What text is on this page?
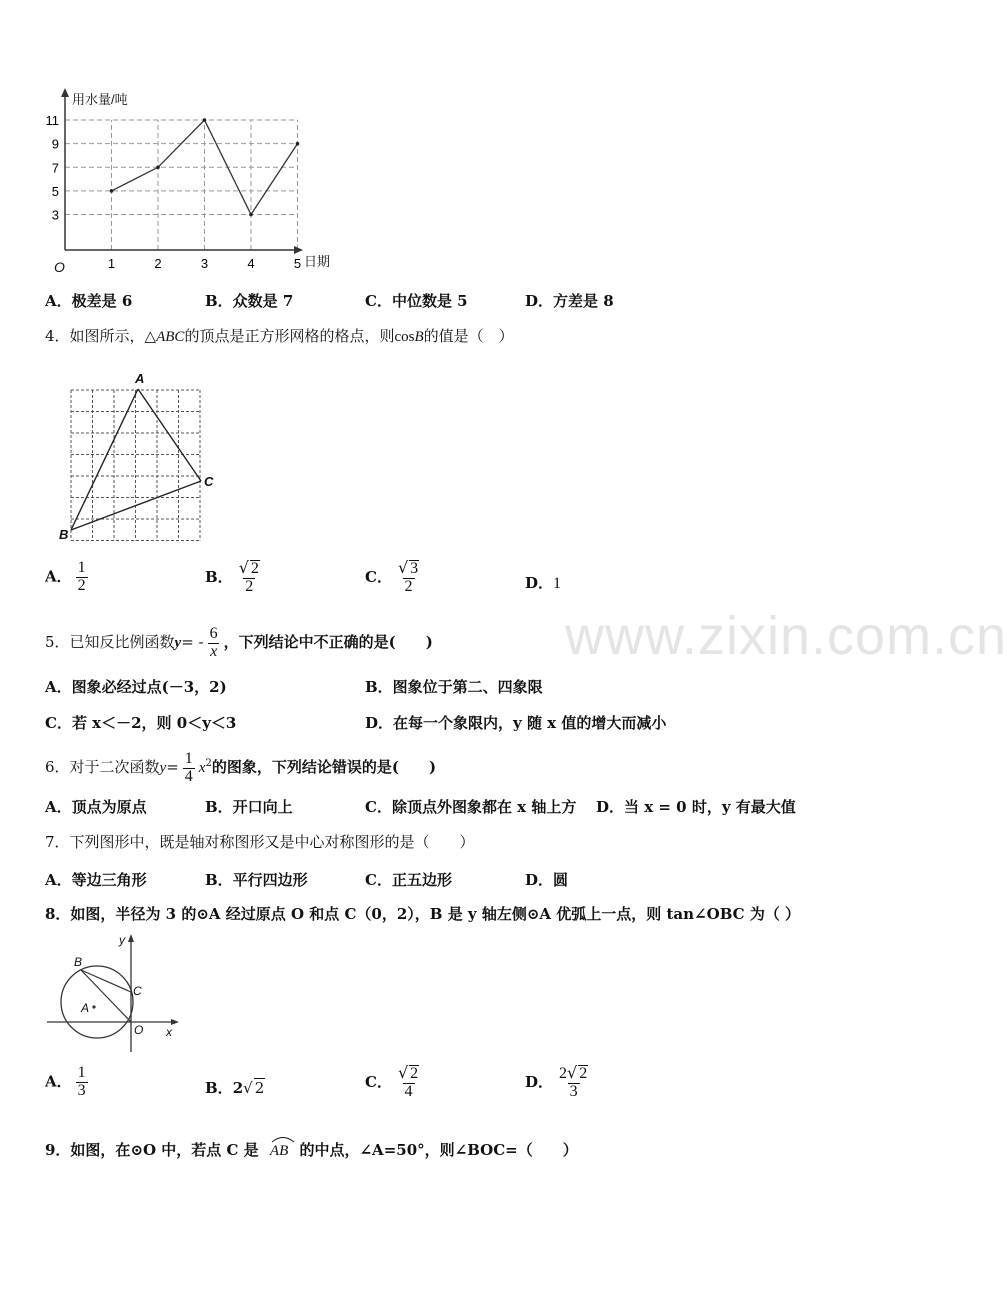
www.zixin.com.cn
3
5
7
9
11
1	2	3	4	5
用水量/吨
日期
O
A．极差是 6	B．众数是 7	C．中位数是 5	D．方差是 8
4．如图所示，△ABC的顶点是正方形网格的格点，则cosB的值是（　）
A
B
C
A． $\frac{1}{2}$	B． $\frac{√ 2}{2}$	C． $\frac{√ 3}{2}$	D．1
5．已知反比例函数$y= - \frac{6}{x}$ ，下列结论中不正确的是(　　)
A．图象必经过点(－3，2)	B．图象位于第二、四象限
C．若 x＜－2，则 0＜y＜3	D．在每一个象限内，y 随 x 值的增大而减小
6．对于二次函数$y= \frac{1}{4} x^2$的图象，下列结论错误的是(　　)
A．顶点为原点	B．开口向上	C．除顶点外图象都在 x 轴上方 D．当 x = 0 时，y 有最大值
7．下列图形中，既是轴对称图形又是中心对称图形的是（　　）
A．等边三角形	B．平行四边形	C．正五边形	D．圆
8．如图，半径为 3 的⊙A 经过原点 O 和点 C（0，2），B 是 y 轴左侧⊙A 优弧上一点，则 tan∠OBC 为（ ）
y
x
B
C
A
O
A． $\frac{1}{3}$	B．2√ 2	C． $\frac{√ 2}{4}$	D． $\frac{2√ 2}{3}$
9．如图，在⊙O 中，若点 C 是 AB 的中点，∠A=50°，则∠BOC=（　　）
